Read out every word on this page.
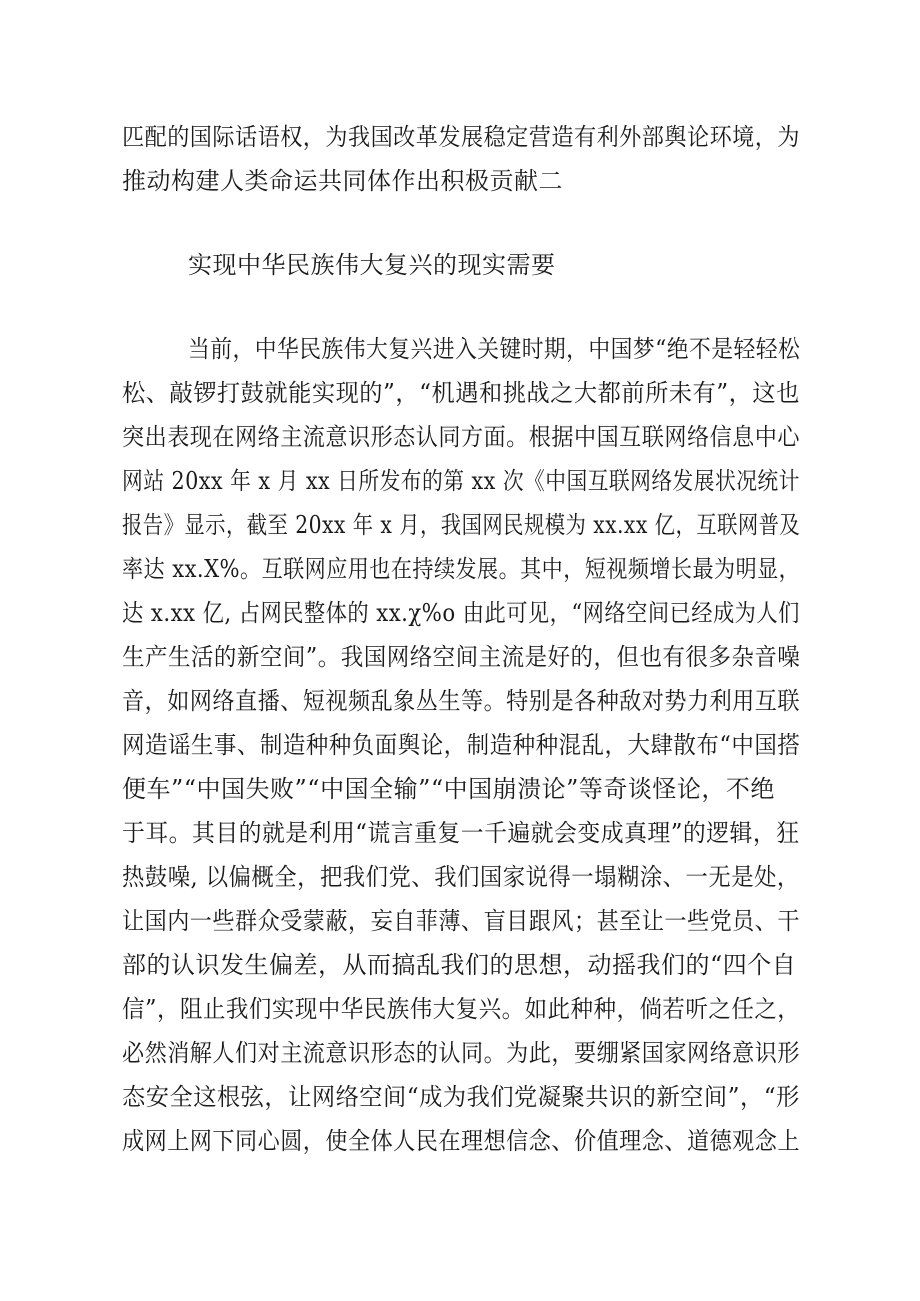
匹配的国际话语权，为我国改革发展稳定营造有利外部舆论环境，为
推动构建人类命运共同体作出积极贡献二
实现中华民族伟大复兴的现实需要
当前，中华民族伟大复兴进入关键时期，中国梦“绝不是轻轻松
松、敲锣打鼓就能实现的”，“机遇和挑战之大都前所未有”，这也
突出表现在网络主流意识形态认同方面。根据中国互联网络信息中心
网站 20xx 年 x 月 xx 日所发布的第 xx 次《中国互联网络发展状况统计
报告》显示，截至 20xx 年 x 月，我国网民规模为 xx.xx 亿，互联网普及
率达 xx.X%。互联网应用也在持续发展。其中，短视频增长最为明显，
达 x.xx 亿, 占网民整体的 xx.χ%o 由此可见，“网络空间已经成为人们
生产生活的新空间”。我国网络空间主流是好的，但也有很多杂音噪
音，如网络直播、短视频乱象丛生等。特别是各种敌对势力利用互联
网造谣生事、制造种种负面舆论，制造种种混乱，大肆散布“中国搭
便车”“中国失败”“中国全输”“中国崩溃论”等奇谈怪论，不绝
于耳。其目的就是利用“谎言重复一千遍就会变成真理”的逻辑，狂
热鼓噪, 以偏概全，把我们党、我们国家说得一塌糊涂、一无是处，
让国内一些群众受蒙蔽，妄自菲薄、盲目跟风；甚至让一些党员、干
部的认识发生偏差，从而搞乱我们的思想，动摇我们的“四个自
信”，阻止我们实现中华民族伟大复兴。如此种种，倘若听之任之，
必然消解人们对主流意识形态的认同。为此，要绷紧国家网络意识形
态安全这根弦，让网络空间“成为我们党凝聚共识的新空间”，“形
成网上网下同心圆，使全体人民在理想信念、价值理念、道德观念上
